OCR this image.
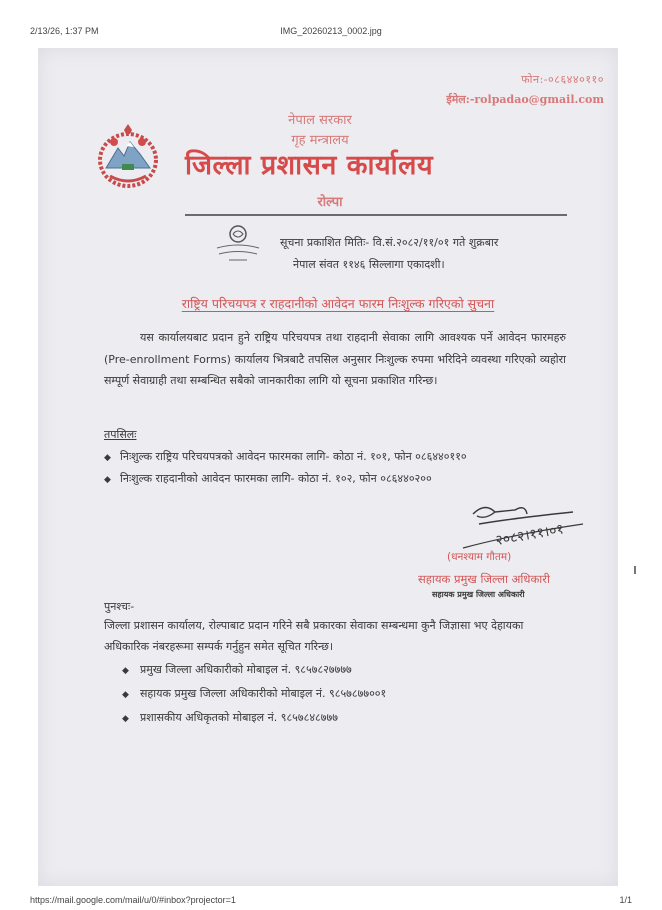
2/13/26, 1:37 PM	IMG_20260213_0002.jpg
फोन:-०८६४४०११०
ईमेल:-rolpadao@gmail.com
नेपाल सरकार
गृह मन्त्रालय
जिल्ला प्रशासन कार्यालय
रोल्पा
सूचना प्रकाशित मितिः- वि.सं.२०८२/११/०१ गते शुक्रबार
नेपाल संवत ११४६ सिल्लागा एकादशी।
राष्ट्रिय परिचयपत्र र राहदानीको आवेदन फारम निःशुल्क गरिएको सुचना
यस कार्यालयबाट प्रदान हुने राष्ट्रिय परिचयपत्र तथा राहदानी सेवाका लागि आवश्यक पर्ने आवेदन फारमहरु (Pre-enrollment Forms) कार्यालय भित्रबाटै तपसिल अनुसार निःशुल्क रुपमा भरिदिने व्यवस्था गरिएको व्यहोरा सम्पूर्ण सेवाग्राही तथा सम्बन्धित सबैको जानकारीका लागि यो सूचना प्रकाशित गरिन्छ।
तपसिलः
◆ निःशुल्क राष्ट्रिय परिचयपत्रको आवेदन फारमका लागि- कोठा नं. १०१, फोन ०८६४४०११०
◆ निःशुल्क राहदानीको आवेदन फारमका लागि- कोठा नं. १०२, फोन ०८६४४०२००
२०८२।११।०१
(धनश्याम गौतम)
सहायक प्रमुख जिल्ला अधिकारी
सहायक प्रमुख जिल्ला अधिकारी
पुनश्चः-
जिल्ला प्रशासन कार्यालय, रोल्पाबाट प्रदान गरिने सबै प्रकारका सेवाका सम्बन्धमा कुनै जिज्ञासा भए देहायका अधिकारिक नंबरहरूमा सम्पर्क गर्नुहुन समेत सूचित गरिन्छ।
◆ प्रमुख जिल्ला अधिकारीको मोबाइल नं. ९८५७८२७७७७
◆ सहायक प्रमुख जिल्ला अधिकारीको मोबाइल नं. ९८५७८७७००१
◆ प्रशासकीय अधिकृतको मोबाइल नं. ९८५७८४८७७७
https://mail.google.com/mail/u/0/#inbox?projector=1	1/1
